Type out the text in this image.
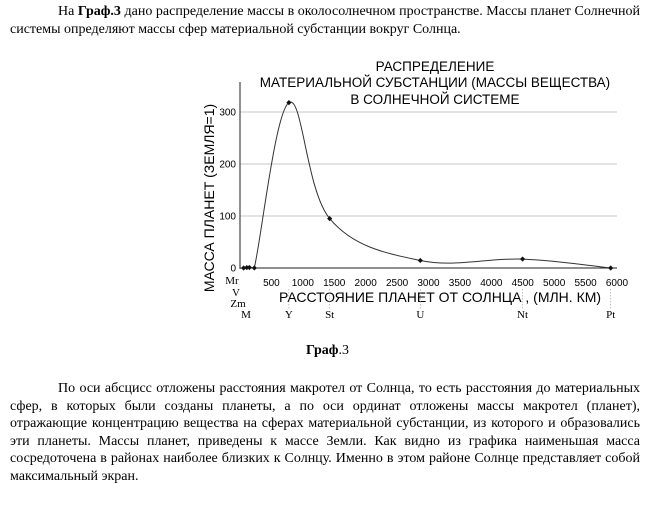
На Граф.3 дано распределение массы в околосолнечном пространстве. Массы планет Солнечной системы определяют массы сфер материальной субстанции вокруг Солнца.

РАСПРЕДЕЛЕНИЕ
МАТЕРИАЛЬНОЙ СУБСТАНЦИИ (МАССЫ ВЕЩЕСТВА)
В СОЛНЕЧНОЙ СИСТЕМЕ
0
100
200
300
МАССА ПЛАНЕТ (ЗЕМЛЯ=1)	500 1000 1500 2000 2500 3000 3500 4000 4500 5000 5500 6000
РАССТОЯНИЕ ПЛАНЕТ ОТ СОЛНЦА , (МЛН. КМ)
Mr
V
Zm
M	Y	St	U	Nt	Pt
Граф.3

По оси абсцисс отложены расстояния макротел от Солнца, то есть расстояния до материальных сфер, в которых были созданы планеты, а по оси ординат отложены массы макротел (планет), отражающие концентрацию вещества на сферах материальной субстанции, из которого и образовались эти планеты. Массы планет, приведены к массе Земли. Как видно из графика наименьшая масса сосредоточена в районах наиболее близких к Солнцу. Именно в этом районе Солнце представляет собой максимальный экран.
